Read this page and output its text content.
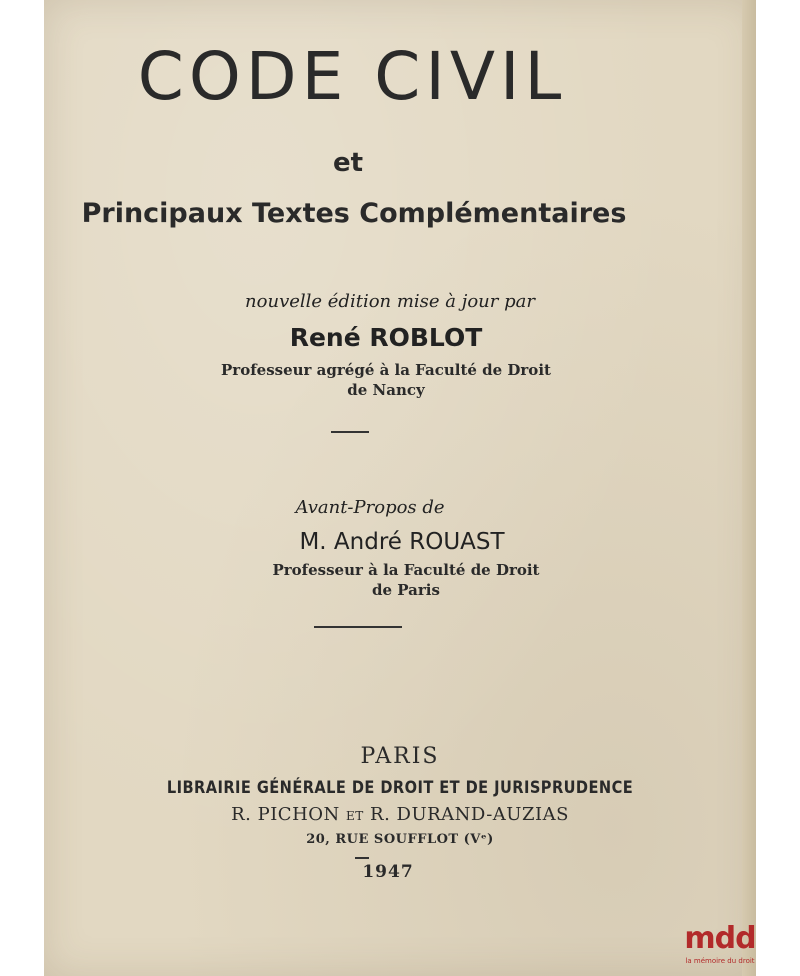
CODE CIVIL
et
Principaux Textes Complémentaires
nouvelle édition mise à jour par
René ROBLOT
Professeur agrégé à la Faculté de Droit
de Nancy
Avant-Propos de
M. André ROUAST
Professeur à la Faculté de Droit
de Paris
PARIS
LIBRAIRIE GÉNÉRALE DE DROIT ET DE JURISPRUDENCE
R. PICHON ET R. DURAND-AUZIAS
20, RUE SOUFFLOT (Vᵉ)
1947
mdd
la mémoire du droit
